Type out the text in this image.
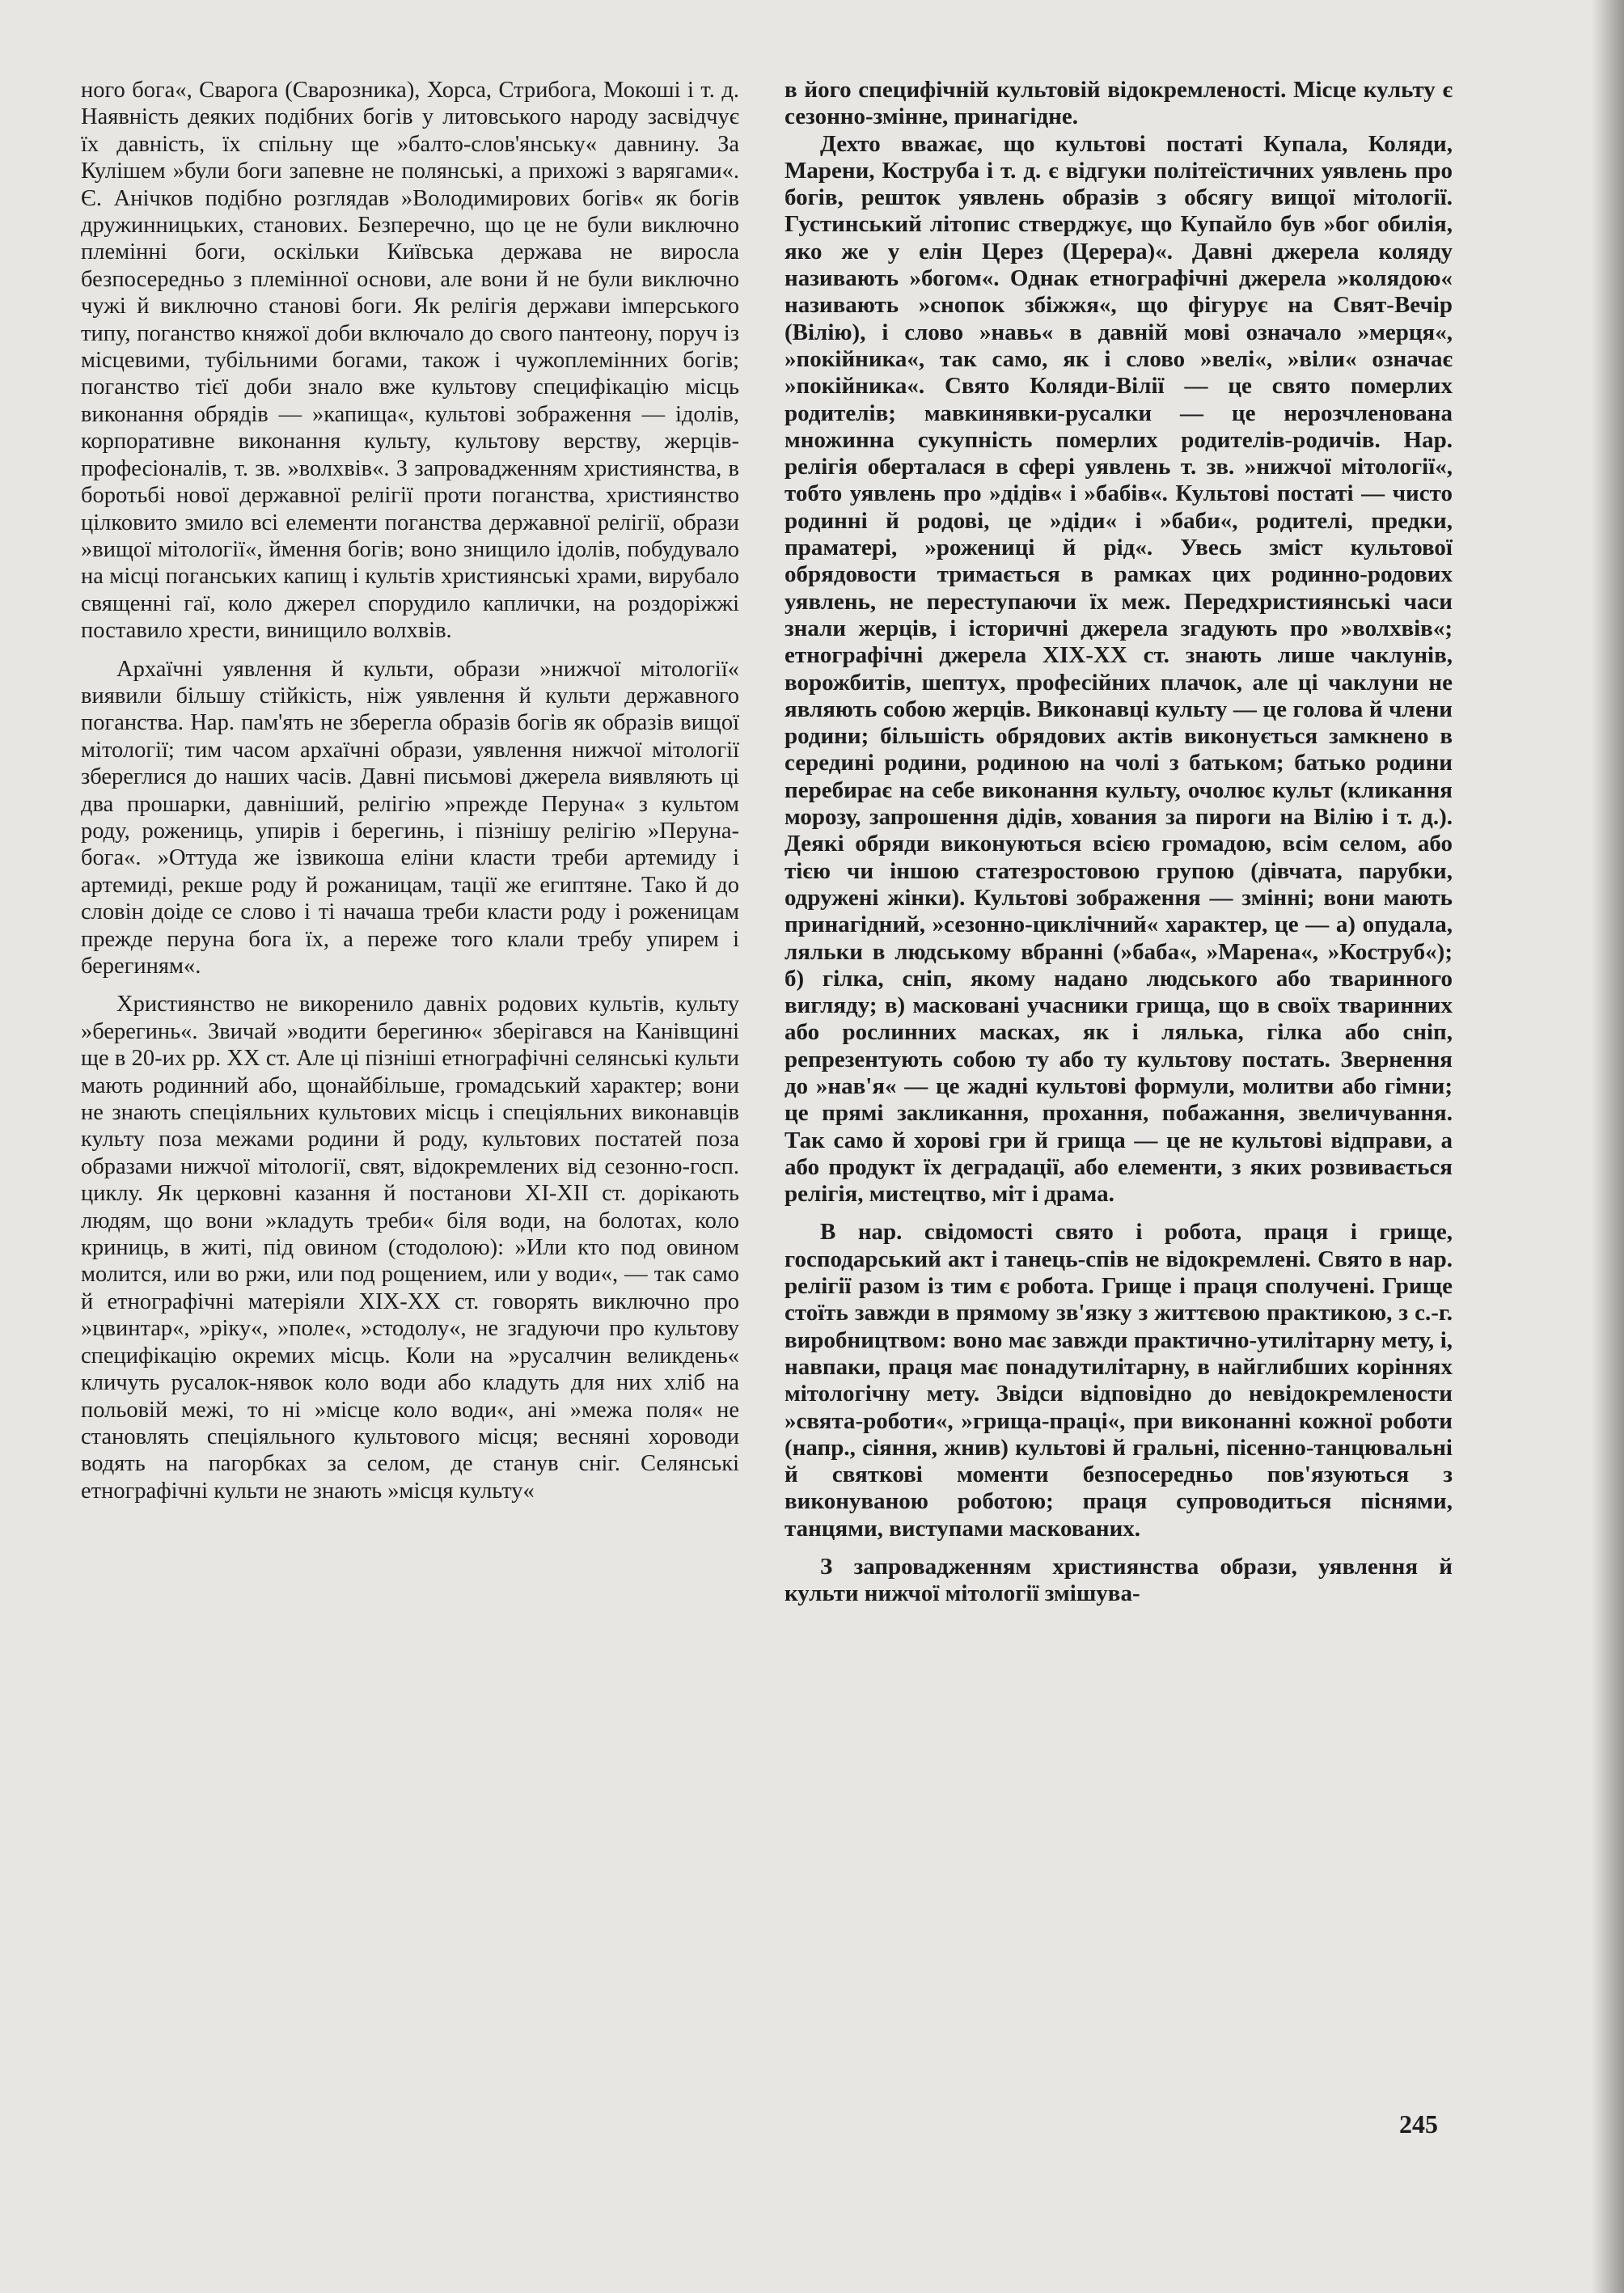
ного бога«, Сварога (Сварозника), Хорса, Стрибога, Мокоші і т. д. Наявність деяких подібних богів у литовського народу засвідчує їх давність, їх спільну ще »балто-слов'янську« давнину. За Кулішем »були боги запевне не полянські, а прихожі з варягами«. Є. Анічков подібно розглядав »Володимирових богів« як богів дружинницьких, станових. Безперечно, що це не були виключно племінні боги, оскільки Київська держава не виросла безпосередньо з племінної основи, але вони й не були виключно чужі й виключно станові боги. Як релігія держави імперського типу, поганство княжої доби включало до свого пантеону, поруч із місцевими, тубільними богами, також і чужоплемінних богів; поганство тієї доби знало вже культову специфікацію місць виконання обрядів — »капища«, культові зображення — ідолів, корпоративне виконання культу, культову верству, жерців-професіоналів, т. зв. »волхвів«. З запровадженням християнства, в боротьбі нової державної релігії проти поганства, християнство цілковито змило всі елементи поганства державної релігії, образи »вищої мітології«, ймення богів; воно знищило ідолів, побудувало на місці поганських капищ і культів християнські храми, вирубало священні гаї, коло джерел спорудило каплички, на роздоріжжі поставило хрести, винищило волхвів.

Архаїчні уявлення й культи, образи »нижчої мітології« виявили більшу стійкість, ніж уявлення й культи державного поганства. Нар. пам'ять не зберегла образів богів як образів вищої мітології; тим часом архаїчні образи, уявлення нижчої мітології збереглися до наших часів. Давні письмові джерела виявляють ці два прошарки, давніший, релігію »прежде Перуна« з культом роду, рожениць, упирів і берегинь, і пізнішу релігію »Перуна-бога«. »Оттуда же ізвикоша еліни класти треби артемиду і артемиді, рекше роду й рожаницам, тації же египтяне. Тако й до словін доіде се слово і ті начаша треби класти роду і роженицам прежде перуна бога їх, а переже того клали требу упирем і берегиням«.

Християнство не викоренило давніх родових культів, культу »берегинь«. Звичай »водити берегиню« зберігався на Канівщині ще в 20-их рр. XX ст. Але ці пізніші етнографічні селянські культи мають родинний або, щонайбільше, громадський характер; вони не знають спеціяльних культових місць і спеціяльних виконавців культу поза межами родини й роду, культових постатей поза образами нижчої мітології, свят, відокремлених від сезонно-госп. циклу. Як церковні казання й постанови XI-XII ст. дорікають людям, що вони »кладуть треби« біля води, на болотах, коло криниць, в житі, під овином (стодолою): »Или кто под овином молится, или во ржи, или под рощением, или у води«, — так само й етнографічні матеріяли XIX-XX ст. говорять виключно про »цвинтар«, »ріку«, »поле«, »стодолу«, не згадуючи про культову специфікацію окремих місць. Коли на »русалчин великдень« кличуть русалок-нявок коло води або кладуть для них хліб на польовій межі, то ні »місце коло води«, ані »межа поля« не становлять спеціяльного культового місця; весняні хороводи водять на пагорбках за селом, де станув сніг. Селянські етнографічні культи не знають »місця культу«

в його специфічній культовій відокремленості. Місце культу є сезонно-змінне, принагідне.

Дехто вважає, що культові постаті Купала, Коляди, Марени, Коструба і т. д. є відгуки політеїстичних уявлень про богів, решток уявлень образів з обсягу вищої мітології. Густинський літопис стверджує, що Купайло був »бог обилія, яко же у елін Церез (Церера)«. Давні джерела коляду називають »богом«. Однак етнографічні джерела »колядою« називають »снопок збіжжя«, що фігурує на Свят-Вечір (Вілію), і слово »навь« в давній мові означало »мерця«, »покійника«, так само, як і слово »велі«, »віли« означає »покійника«. Свято Коляди-Вілії — це свято померлих родителів; мавкинявки-русалки — це нерозчленована множинна сукупність померлих родителів-родичів. Нар. релігія оберталася в сфері уявлень т. зв. »нижчої мітології«, тобто уявлень про »дідів« і »бабів«. Культові постаті — чисто родинні й родові, це »діди« і »баби«, родителі, предки, праматері, »рожениці й рід«. Увесь зміст культової обрядовости тримається в рамках цих родинно-родових уявлень, не переступаючи їх меж. Передхристиянські часи знали жерців, і історичні джерела згадують про »волхвів«; етнографічні джерела XIX-XX ст. знають лише чаклунів, ворожбитів, шептух, професійних плачок, але ці чаклуни не являють собою жерців. Виконавці культу — це голова й члени родини; більшість обрядових актів виконується замкнено в середині родини, родиною на чолі з батьком; батько родини перебирає на себе виконання культу, очолює культ (кликання морозу, запрошення дідів, хования за пироги на Вілію і т. д.). Деякі обряди виконуються всією громадою, всім селом, або тією чи іншою статезростовою групою (дівчата, парубки, одружені жінки). Культові зображення — змінні; вони мають принагідний, »сезонно-циклічний« характер, це — а) опудала, ляльки в людському вбранні (»баба«, »Марена«, »Коструб«); б) гілка, сніп, якому надано людського або тваринного вигляду; в) масковані учасники грища, що в своїх тваринних або рослинних масках, як і лялька, гілка або сніп, репрезентують собою ту або ту культову постать. Звернення до »нав'я« — це жадні культові формули, молитви або гімни; це прямі закликання, прохання, побажання, звеличування. Так само й хорові гри й грища — це не культові відправи, а або продукт їх деградації, або елементи, з яких розвивається релігія, мистецтво, міт і драма.

В нар. свідомості свято і робота, праця і грище, господарський акт і танець-спів не відокремлені. Свято в нар. релігії разом із тим є робота. Грище і праця сполучені. Грище стоїть завжди в прямому зв'язку з життєвою практикою, з с.-г. виробництвом: воно має завжди практично-утилітарну мету, і, навпаки, праця має понадутилітарну, в найглибших коріннях мітологічну мету. Звідси відповідно до невідокремлености »свята-роботи«, »грища-праці«, при виконанні кожної роботи (напр., сіяння, жнив) культові й гральні, пісенно-танцювальні й святкові моменти безпосередньо пов'язуються з виконуваною роботою; праця супроводиться піснями, танцями, виступами маскованих.

З запровадженням християнства образи, уявлення й культи нижчої мітології змішува-

245
